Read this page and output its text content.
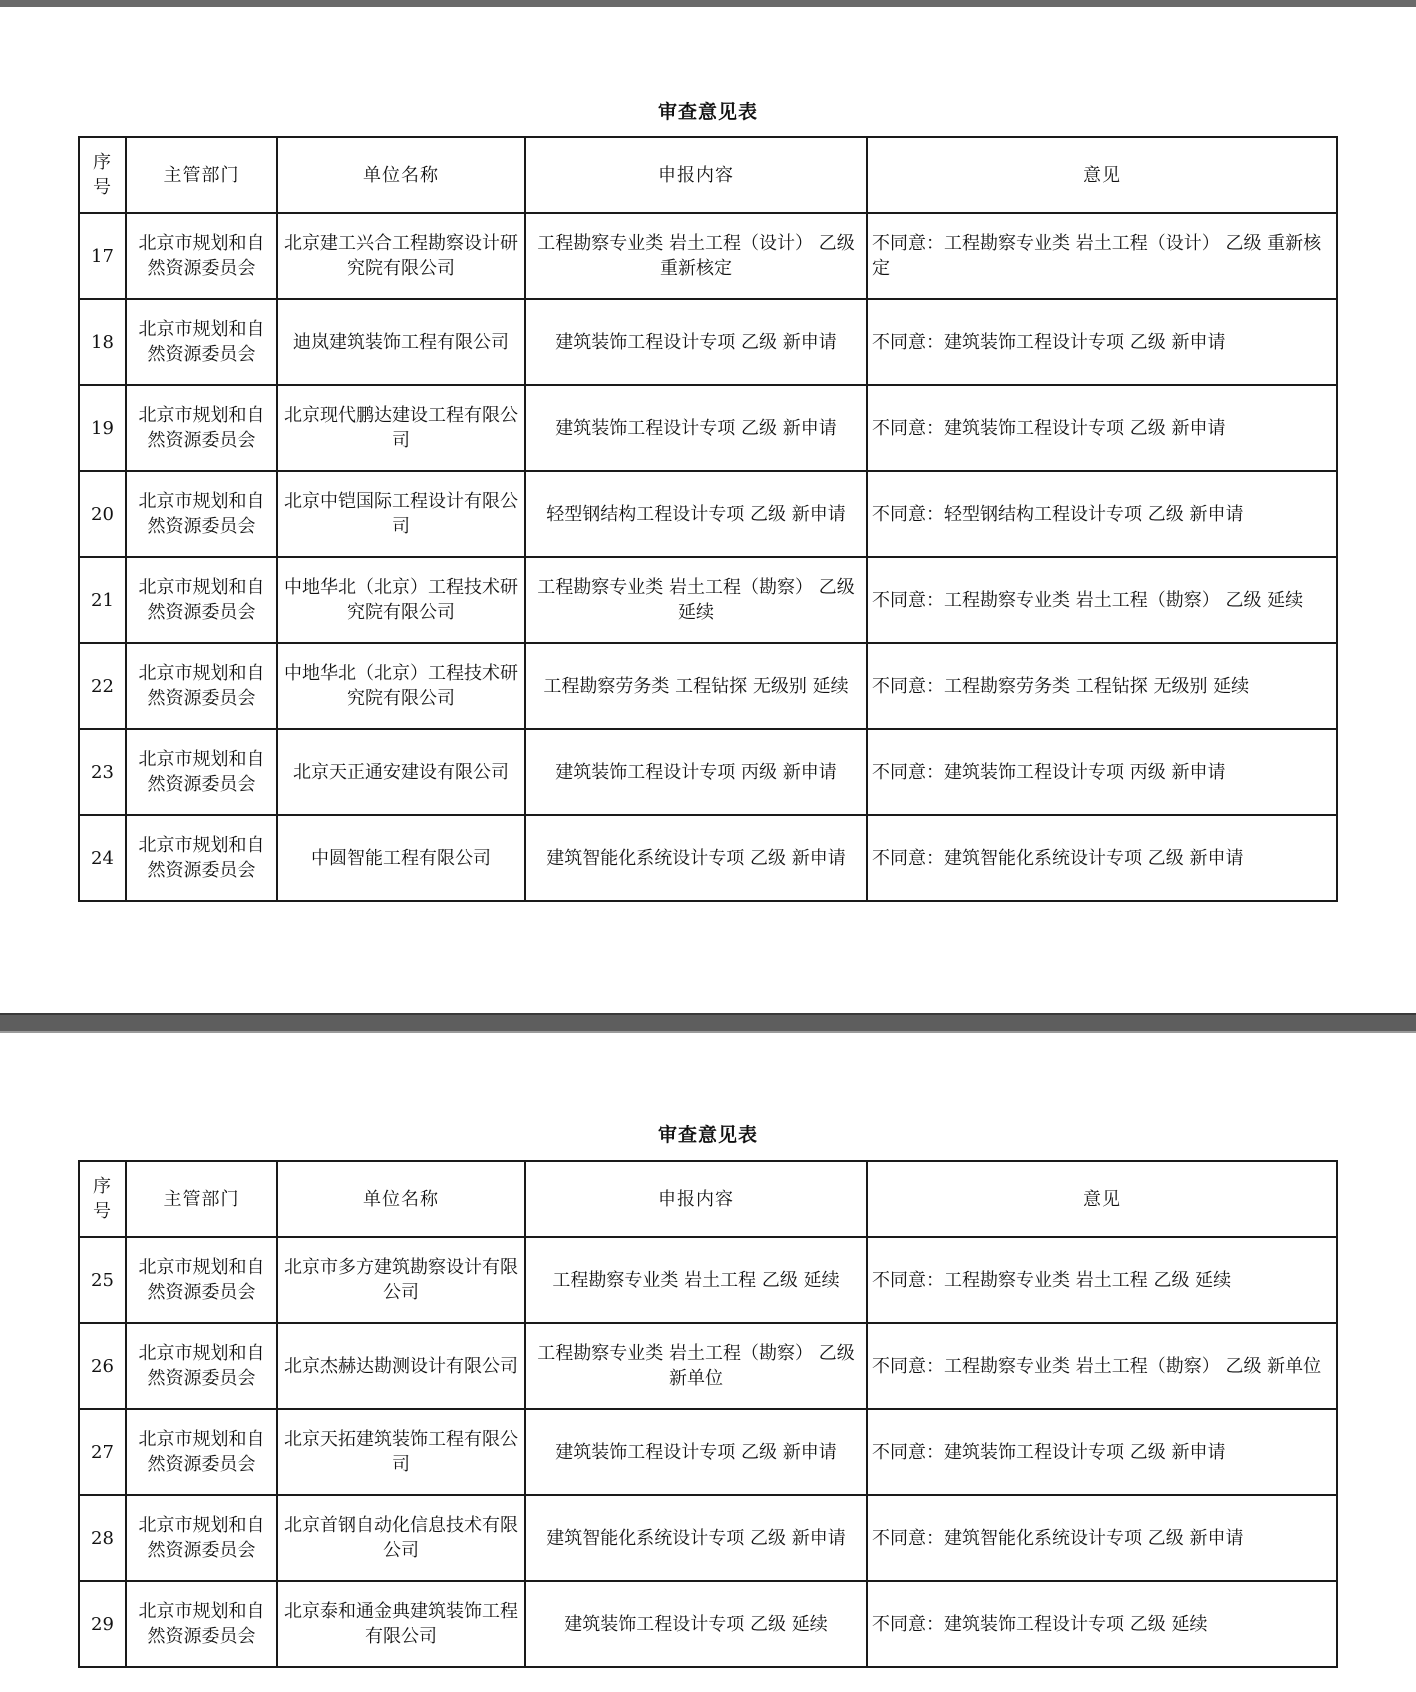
审查意见表
序号	主管部门	单位名称	申报内容	意见
17	北京市规划和自然资源委员会	北京建工兴合工程勘察设计研究院有限公司	工程勘察专业类 岩土工程（设计） 乙级 重新核定	不同意：工程勘察专业类 岩土工程（设计） 乙级 重新核定
18	北京市规划和自然资源委员会	迪岚建筑装饰工程有限公司	建筑装饰工程设计专项 乙级 新申请	不同意：建筑装饰工程设计专项 乙级 新申请
19	北京市规划和自然资源委员会	北京现代鹏达建设工程有限公司	建筑装饰工程设计专项 乙级 新申请	不同意：建筑装饰工程设计专项 乙级 新申请
20	北京市规划和自然资源委员会	北京中铠国际工程设计有限公司	轻型钢结构工程设计专项 乙级 新申请	不同意：轻型钢结构工程设计专项 乙级 新申请
21	北京市规划和自然资源委员会	中地华北（北京）工程技术研究院有限公司	工程勘察专业类 岩土工程（勘察） 乙级 延续	不同意：工程勘察专业类 岩土工程（勘察） 乙级 延续
22	北京市规划和自然资源委员会	中地华北（北京）工程技术研究院有限公司	工程勘察劳务类 工程钻探 无级别 延续	不同意：工程勘察劳务类 工程钻探 无级别 延续
23	北京市规划和自然资源委员会	北京天正通安建设有限公司	建筑装饰工程设计专项 丙级 新申请	不同意：建筑装饰工程设计专项 丙级 新申请
24	北京市规划和自然资源委员会	中圆智能工程有限公司	建筑智能化系统设计专项 乙级 新申请	不同意：建筑智能化系统设计专项 乙级 新申请
审查意见表
序号	主管部门	单位名称	申报内容	意见
25	北京市规划和自然资源委员会	北京市多方建筑勘察设计有限公司	工程勘察专业类 岩土工程 乙级 延续	不同意：工程勘察专业类 岩土工程 乙级 延续
26	北京市规划和自然资源委员会	北京杰赫达勘测设计有限公司	工程勘察专业类 岩土工程（勘察） 乙级 新单位	不同意：工程勘察专业类 岩土工程（勘察） 乙级 新单位
27	北京市规划和自然资源委员会	北京天拓建筑装饰工程有限公司	建筑装饰工程设计专项 乙级 新申请	不同意：建筑装饰工程设计专项 乙级 新申请
28	北京市规划和自然资源委员会	北京首钢自动化信息技术有限公司	建筑智能化系统设计专项 乙级 新申请	不同意：建筑智能化系统设计专项 乙级 新申请
29	北京市规划和自然资源委员会	北京泰和通金典建筑装饰工程有限公司	建筑装饰工程设计专项 乙级 延续	不同意：建筑装饰工程设计专项 乙级 延续
